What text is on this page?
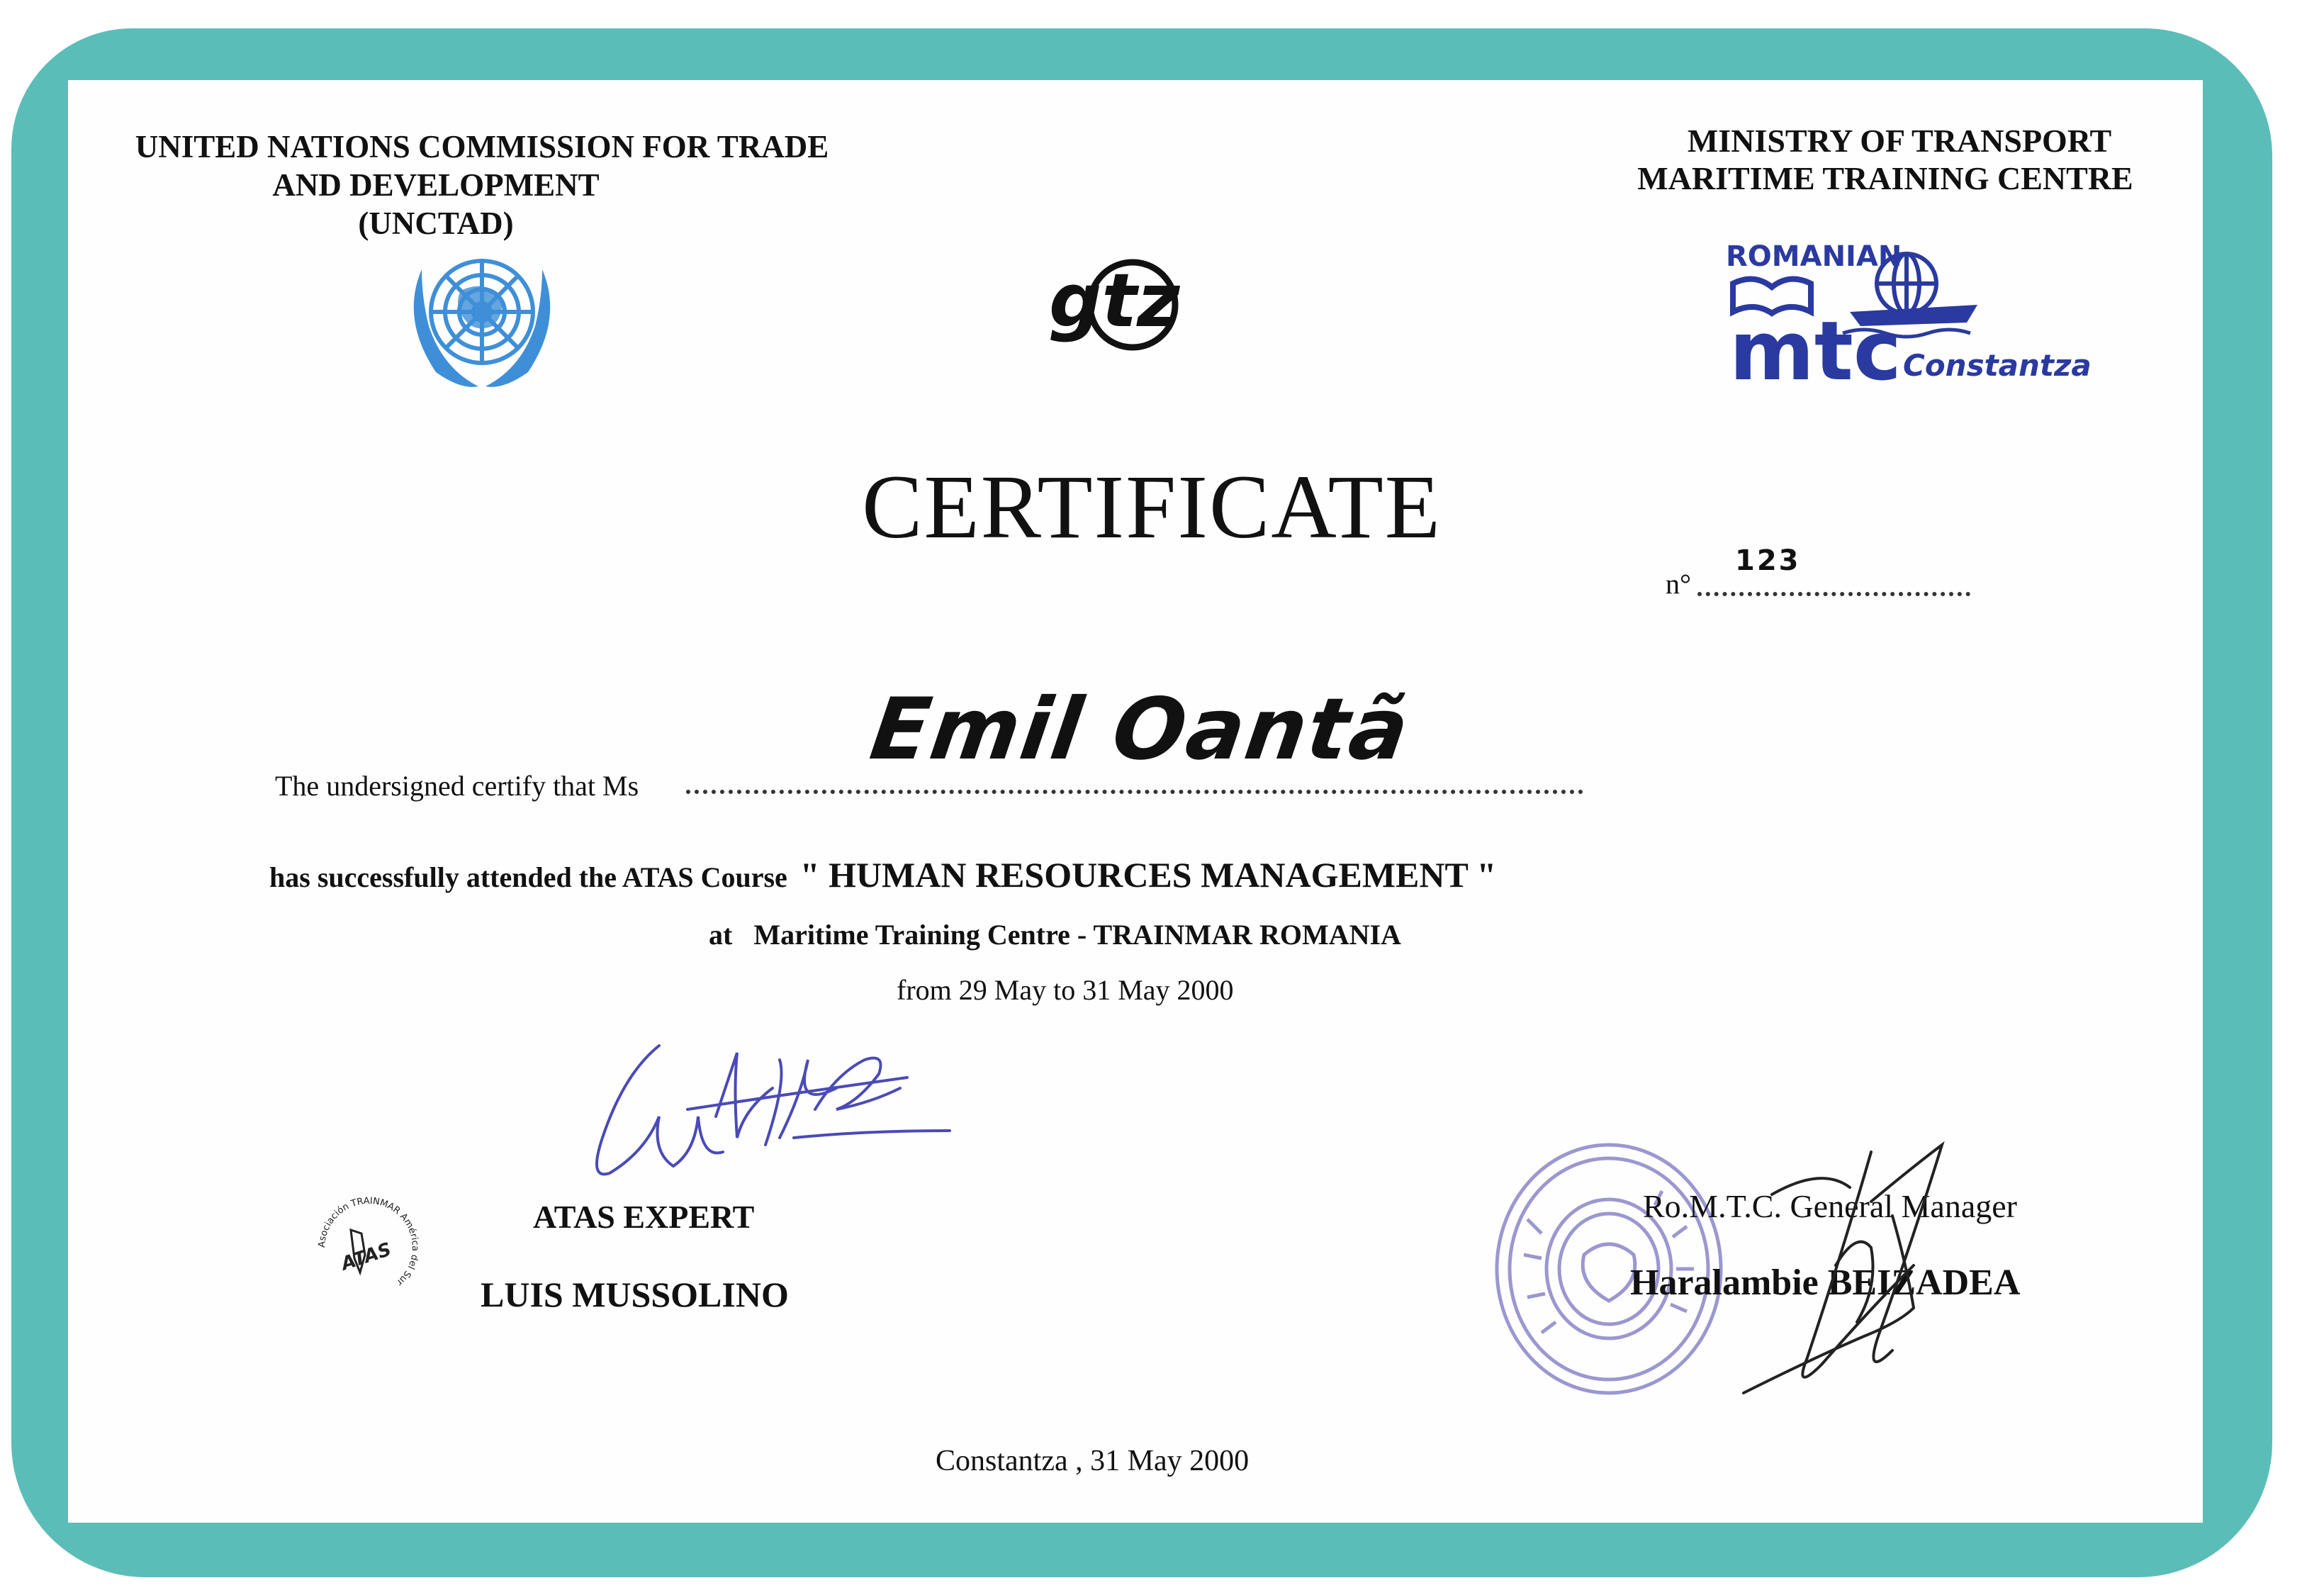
UNITED NATIONS COMMISSION FOR TRADE
AND DEVELOPMENT
(UNCTAD)
gtz
MINISTRY OF TRANSPORT
MARITIME TRAINING CENTRE
ROMANIAN
mtc Constantza
CERTIFICATE
n°
123
The undersigned certify that Ms
Emil Oantã
has successfully attended the ATAS Course " HUMAN RESOURCES MANAGEMENT "
at Maritime Training Centre - TRAINMAR ROMANIA
from 29 May to 31 May 2000
Asociación TRAINMAR América del Sur
ATAS
ATAS EXPERT
LUIS MUSSOLINO
Ro.M.T.C. General Manager
Haralambie BEIZADEA
Constantza , 31 May 2000
